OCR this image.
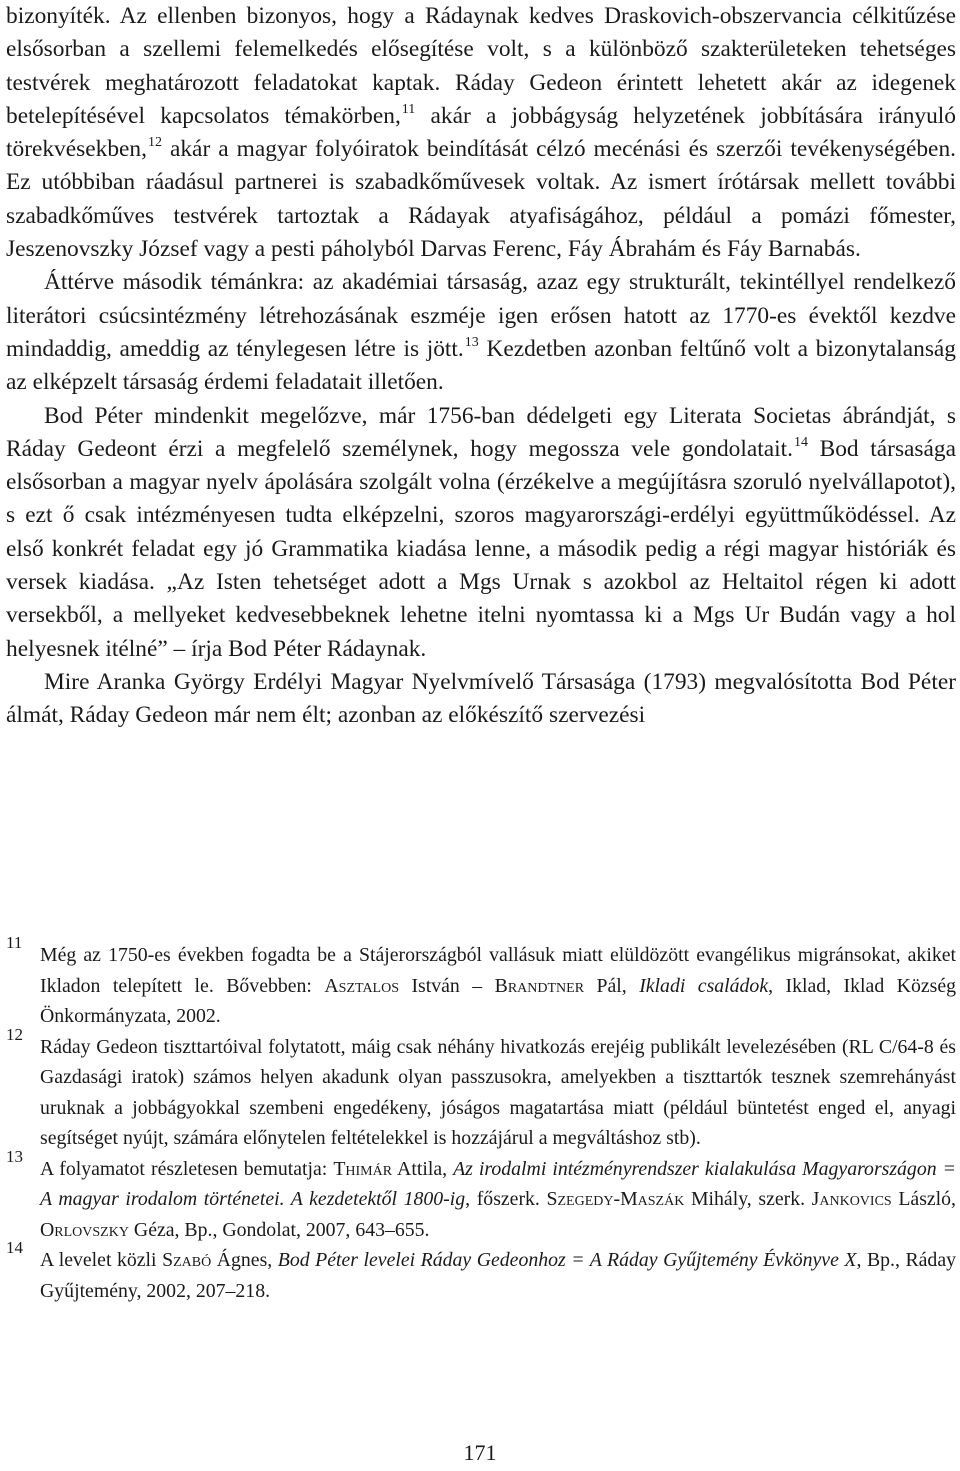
bizonyíték. Az ellenben bizonyos, hogy a Rádaynak kedves Draskovich-obszervancia célkitűzése elsősorban a szellemi felemelkedés elősegítése volt, s a különböző szakterületeken tehetséges testvérek meghatározott feladatokat kaptak. Ráday Gedeon érintett lehetett akár az idegenek betelepítésével kapcsolatos témakörben,$^{11}$ akár a jobbágyság helyzetének jobbítására irányuló törekvésekben,$^{12}$ akár a magyar folyóiratok beindítását célzó mecénási és szerzői tevékenységében. Ez utóbbiban ráadásul partnerei is szabadkőművesek voltak. Az ismert írótársak mellett további szabadkőműves testvérek tartoztak a Rádayak atyafiságához, például a pomázi főmester, Jeszenovszky József vagy a pesti páholyból Darvas Ferenc, Fáy Ábrahám és Fáy Barnabás.

Áttérve második témánkra: az akadémiai társaság, azaz egy strukturált, tekintéllyel rendelkező literátori csúcsintézmény létrehozásának eszméje igen erősen hatott az 1770-es évektől kezdve mindaddig, ameddig az ténylegesen létre is jött.$^{13}$ Kezdetben azonban feltűnő volt a bizonytalanság az elképzelt társaság érdemi feladatait illetően.

Bod Péter mindenkit megelőzve, már 1756-ban dédelgeti egy Literata Societas ábrándját, s Ráday Gedeont érzi a megfelelő személynek, hogy megossza vele gondolatait.$^{14}$ Bod társasága elsősorban a magyar nyelv ápolására szolgált volna (érzékelve a megújításra szoruló nyelvállapotot), s ezt ő csak intézményesen tudta elképzelni, szoros magyarországi-erdélyi együttműködéssel. Az első konkrét feladat egy jó Grammatika kiadása lenne, a második pedig a régi magyar históriák és versek kiadása. „Az Isten tehetséget adott a Mgs Urnak s azokbol az Heltaitol régen ki adott versekből, a mellyeket kedvesebbeknek lehetne itelni nyomtassa ki a Mgs Ur Budán vagy a hol helyesnek itélné” – írja Bod Péter Rádaynak.

Mire Aranka György Erdélyi Magyar Nyelvmívelő Társasága (1793) megvalósította Bod Péter álmát, Ráday Gedeon már nem élt; azonban az előkészítő szervezési

11
Még az 1750-es években fogadta be a Stájerországból vallásuk miatt elüldözött evangélikus migránsokat, akiket Ikladon telepített le. Bővebben: Asztalos István – Brandtner Pál, Ikladi családok, Iklad, Iklad Község Önkormányzata, 2002.
12
Ráday Gedeon tiszttartóival folytatott, máig csak néhány hivatkozás erejéig publikált levelezésében (RL C/64-8 és Gazdasági iratok) számos helyen akadunk olyan passzusokra, amelyekben a tiszttartók tesznek szemrehányást uruknak a jobbágyokkal szembeni engedékeny, jóságos magatartása miatt (például büntetést enged el, anyagi segítséget nyújt, számára előnytelen feltételekkel is hozzájárul a megváltáshoz stb).
13
A folyamatot részletesen bemutatja: Thimár Attila, Az irodalmi intézményrendszer kialakulása Magyarországon = A magyar irodalom történetei. A kezdetektől 1800-ig, főszerk. Szegedy-Maszák Mihály, szerk. Jankovics László, Orlovszky Géza, Bp., Gondolat, 2007, 643–655.
14
A levelet közli Szabó Ágnes, Bod Péter levelei Ráday Gedeonhoz = A Ráday Gyűjtemény Évkönyve X, Bp., Ráday Gyűjtemény, 2002, 207–218.
171
